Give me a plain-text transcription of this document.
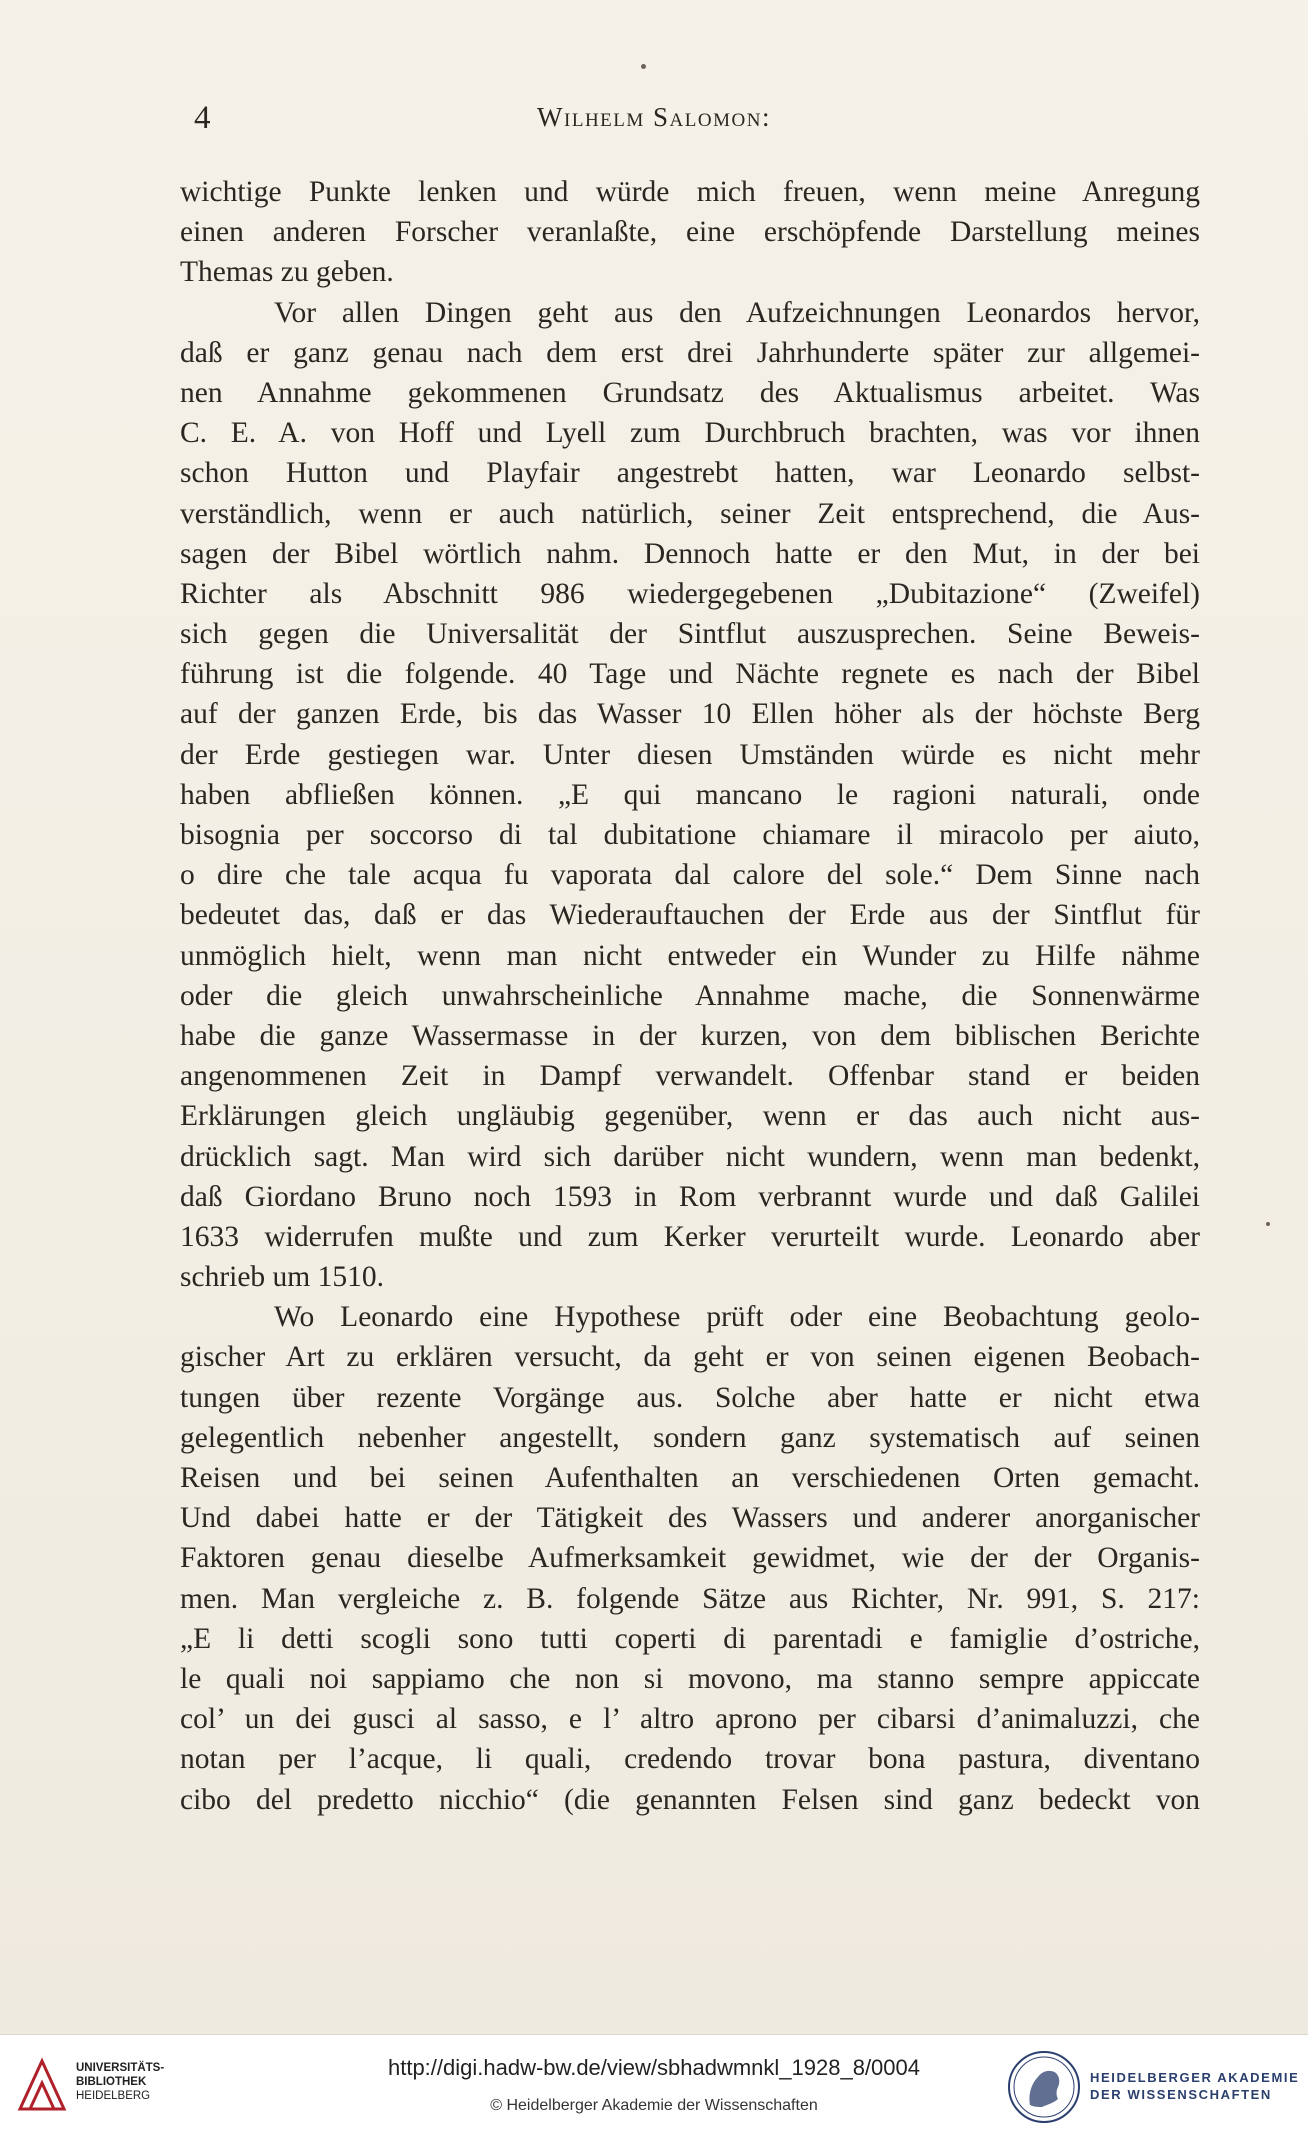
4	Wilhelm Salomon:
wichtige Punkte lenken und würde mich freuen, wenn meine Anregung
einen anderen Forscher veranlaßte, eine erschöpfende Darstellung meines
Themas zu geben.
Vor allen Dingen geht aus den Aufzeichnungen Leonardos hervor,
daß er ganz genau nach dem erst drei Jahrhunderte später zur allgemei-
nen Annahme gekommenen Grundsatz des Aktualismus arbeitet. Was
C. E. A. von Hoff und Lyell zum Durchbruch brachten, was vor ihnen
schon Hutton und Playfair angestrebt hatten, war Leonardo selbst-
verständlich, wenn er auch natürlich, seiner Zeit entsprechend, die Aus-
sagen der Bibel wörtlich nahm. Dennoch hatte er den Mut, in der bei
Richter als Abschnitt 986 wiedergegebenen „Dubitazione“ (Zweifel)
sich gegen die Universalität der Sintflut auszusprechen. Seine Beweis-
führung ist die folgende. 40 Tage und Nächte regnete es nach der Bibel
auf der ganzen Erde, bis das Wasser 10 Ellen höher als der höchste Berg
der Erde gestiegen war. Unter diesen Umständen würde es nicht mehr
haben abfließen können. „E qui mancano le ragioni naturali, onde
bisognia per soccorso di tal dubitatione chiamare il miracolo per aiuto,
o dire che tale acqua fu vaporata dal calore del sole.“ Dem Sinne nach
bedeutet das, daß er das Wiederauftauchen der Erde aus der Sintflut für
unmöglich hielt, wenn man nicht entweder ein Wunder zu Hilfe nähme
oder die gleich unwahrscheinliche Annahme mache, die Sonnenwärme
habe die ganze Wassermasse in der kurzen, von dem biblischen Berichte
angenommenen Zeit in Dampf verwandelt. Offenbar stand er beiden
Erklärungen gleich ungläubig gegenüber, wenn er das auch nicht aus-
drücklich sagt. Man wird sich darüber nicht wundern, wenn man bedenkt,
daß Giordano Bruno noch 1593 in Rom verbrannt wurde und daß Galilei
1633 widerrufen mußte und zum Kerker verurteilt wurde. Leonardo aber
schrieb um 1510.
Wo Leonardo eine Hypothese prüft oder eine Beobachtung geolo-
gischer Art zu erklären versucht, da geht er von seinen eigenen Beobach-
tungen über rezente Vorgänge aus. Solche aber hatte er nicht etwa
gelegentlich nebenher angestellt, sondern ganz systematisch auf seinen
Reisen und bei seinen Aufenthalten an verschiedenen Orten gemacht.
Und dabei hatte er der Tätigkeit des Wassers und anderer anorganischer
Faktoren genau dieselbe Aufmerksamkeit gewidmet, wie der der Organis-
men. Man vergleiche z. B. folgende Sätze aus Richter, Nr. 991, S. 217:
„E li detti scogli sono tutti coperti di parentadi e famiglie d’ostriche,
le quali noi sappiamo che non si movono, ma stanno sempre appiccate
col’ un dei gusci al sasso, e l’ altro aprono per cibarsi d’animaluzzi, che
notan per l’acque, li quali, credendo trovar bona pastura, diventano
cibo del predetto nicchio“ (die genannten Felsen sind ganz bedeckt von
UNIVERSITÄTS-
BIBLIOTHEK
HEIDELBERG
http://digi.hadw-bw.de/view/sbhadwmnkl_1928_8/0004
© Heidelberger Akademie der Wissenschaften
HEIDELBERGER AKADEMIE
DER WISSENSCHAFTEN
